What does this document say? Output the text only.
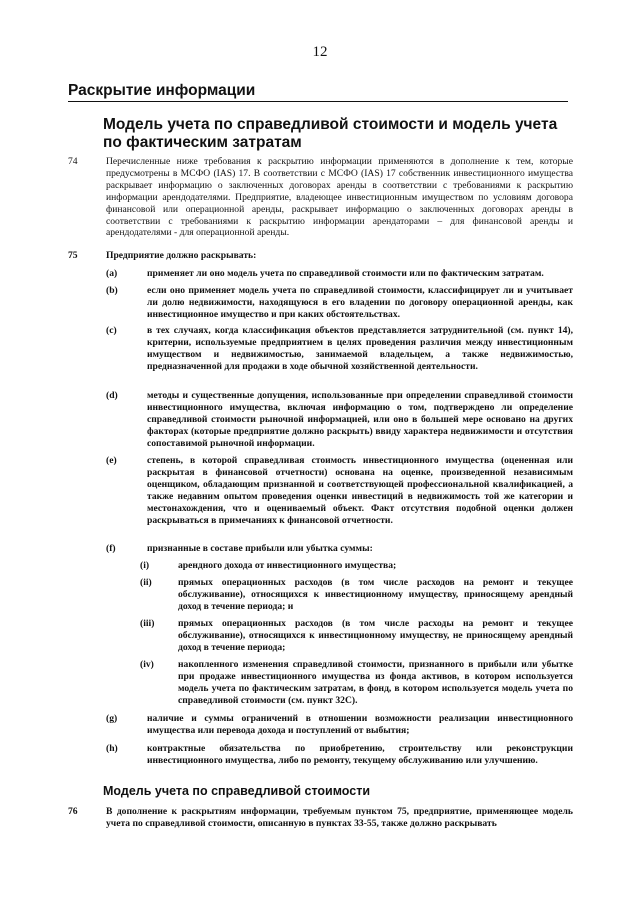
12
Раскрытие информации
Модель учета по справедливой стоимости и модель учета по фактическим затратам
74	Перечисленные ниже требования к раскрытию информации применяются в дополнение к тем, которые предусмотрены в МСФО (IAS) 17. В соответствии с МСФО (IAS) 17 собственник инвестиционного имущества раскрывает информацию о заключенных договорах аренды в соответствии с требованиями к раскрытию информации арендодателями. Предприятие, владеющее инвестиционным имуществом по условиям договора финансовой или операционной аренды, раскрывает информацию о заключенных договорах аренды в соответствии с требованиями к раскрытию информации арендаторами – для финансовой аренды и арендодателями - для операционной аренды.
75	Предприятие должно раскрывать:
(a)	применяет ли оно модель учета по справедливой стоимости или по фактическим затратам.
(b)	если оно применяет модель учета по справедливой стоимости, классифицирует ли и учитывает ли долю недвижимости, находящуюся в его владении по договору операционной аренды, как инвестиционное имущество и при каких обстоятельствах.
(c)	в тех случаях, когда классификация объектов представляется затруднительной (см. пункт 14), критерии, используемые предприятием в целях проведения различия между инвестиционным имуществом и недвижимостью, занимаемой владельцем, а также недвижимостью, предназначенной для продажи в ходе обычной хозяйственной деятельности.
(d)	методы и существенные допущения, использованные при определении справедливой стоимости инвестиционного имущества, включая информацию о том, подтверждено ли определение справедливой стоимости рыночной информацией, или оно в большей мере основано на других факторах (которые предприятие должно раскрыть) ввиду характера недвижимости и отсутствия сопоставимой рыночной информации.
(e)	степень, в которой справедливая стоимость инвестиционного имущества (оцененная или раскрытая в финансовой отчетности) основана на оценке, произведенной независимым оценщиком, обладающим признанной и соответствующей профессиональной квалификацией, а также недавним опытом проведения оценки инвестиций в недвижимость той же категории и местонахождения, что и оцениваемый объект. Факт отсутствия подобной оценки должен раскрываться в примечаниях к финансовой отчетности.
(f)	признанные в составе прибыли или убытка суммы:
(i)	арендного дохода от инвестиционного имущества;
(ii)	прямых операционных расходов (в том числе расходов на ремонт и текущее обслуживание), относящихся к инвестиционному имуществу, приносящему арендный доход в течение периода; и
(iii)	прямых операционных расходов (в том числе расходы на ремонт и текущее обслуживание), относящихся к инвестиционному имуществу, не приносящему арендный доход в течение периода;
(iv)	накопленного изменения справедливой стоимости, признанного в прибыли или убытке при продаже инвестиционного имущества из фонда активов, в котором используется модель учета по фактическим затратам, в фонд, в котором используется модель учета по справедливой стоимости (см. пункт 32С).
(g)	наличие и суммы ограничений в отношении возможности реализации инвестиционного имущества или перевода дохода и поступлений от выбытия;
(h)	контрактные обязательства по приобретению, строительству или реконструкции инвестиционного имущества, либо по ремонту, текущему обслуживанию или улучшению.
Модель учета по справедливой стоимости
76	В дополнение к раскрытиям информации, требуемым пунктом 75, предприятие, применяющее модель учета по справедливой стоимости, описанную в пунктах 33-55, также должно раскрывать
